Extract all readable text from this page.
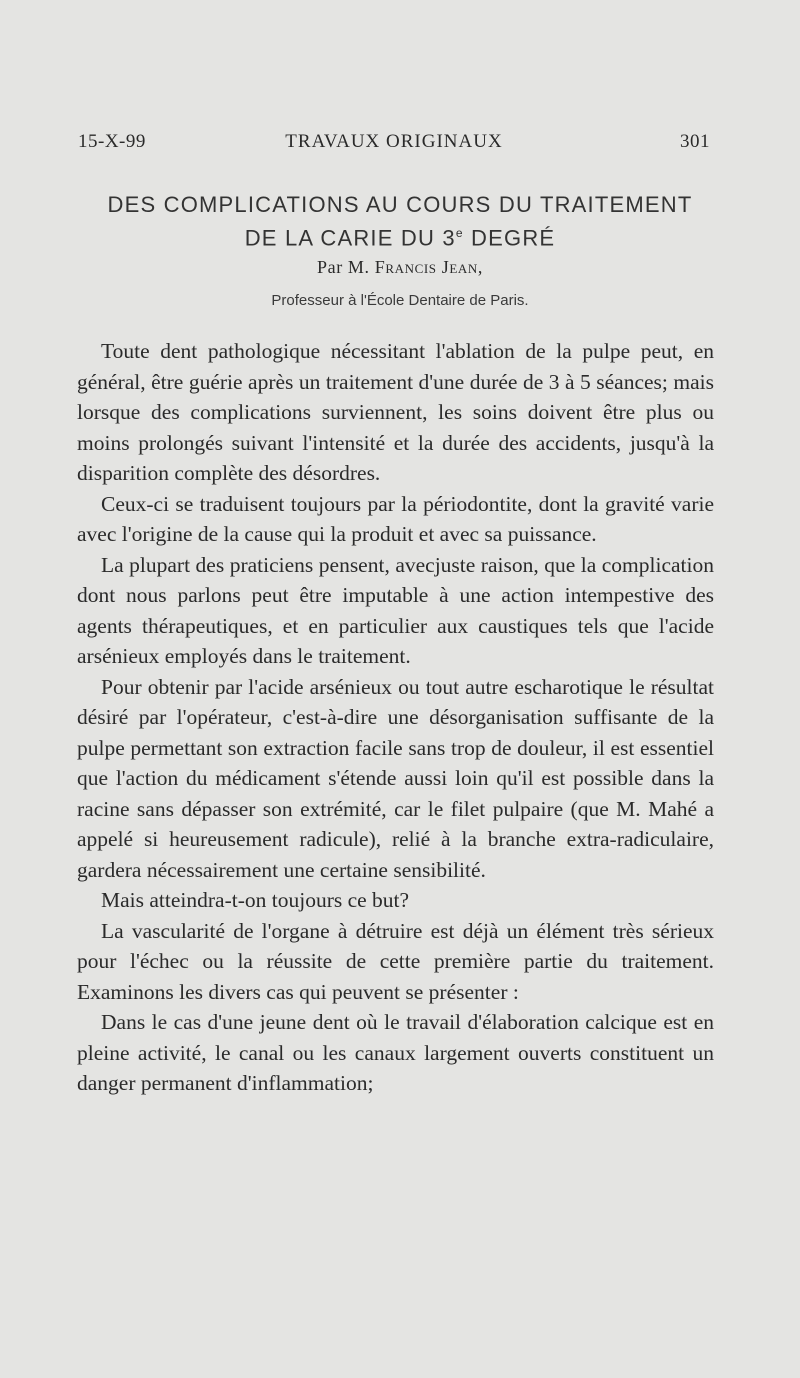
15-X-99	TRAVAUX ORIGINAUX	301
DES COMPLICATIONS AU COURS DU TRAITEMENT
DE LA CARIE DU 3e DEGRÉ
Par M. Francis Jean,
Professeur à l'École Dentaire de Paris.

Toute dent pathologique nécessitant l'ablation de la pulpe peut, en général, être guérie après un traitement d'une durée de 3 à 5 séances; mais lorsque des complications surviennent, les soins doivent être plus ou moins prolongés suivant l'intensité et la durée des accidents, jusqu'à la disparition complète des désordres.

Ceux-ci se traduisent toujours par la périodontite, dont la gravité varie avec l'origine de la cause qui la produit et avec sa puissance.

La plupart des praticiens pensent, avecjuste raison, que la complication dont nous parlons peut être imputable à une action intempestive des agents thérapeutiques, et en particulier aux caustiques tels que l'acide arsénieux employés dans le traitement.

Pour obtenir par l'acide arsénieux ou tout autre escharotique le résultat désiré par l'opérateur, c'est-à-dire une désorganisation suffisante de la pulpe permettant son extraction facile sans trop de douleur, il est essentiel que l'action du médicament s'étende aussi loin qu'il est possible dans la racine sans dépasser son extrémité, car le filet pulpaire (que M. Mahé a appelé si heureusement radicule), relié à la branche extra-radiculaire, gardera nécessairement une certaine sensibilité.

Mais atteindra-t-on toujours ce but?

La vascularité de l'organe à détruire est déjà un élément très sérieux pour l'échec ou la réussite de cette première partie du traitement. Examinons les divers cas qui peuvent se présenter :

Dans le cas d'une jeune dent où le travail d'élaboration calcique est en pleine activité, le canal ou les canaux largement ouverts constituent un danger permanent d'inflammation;
